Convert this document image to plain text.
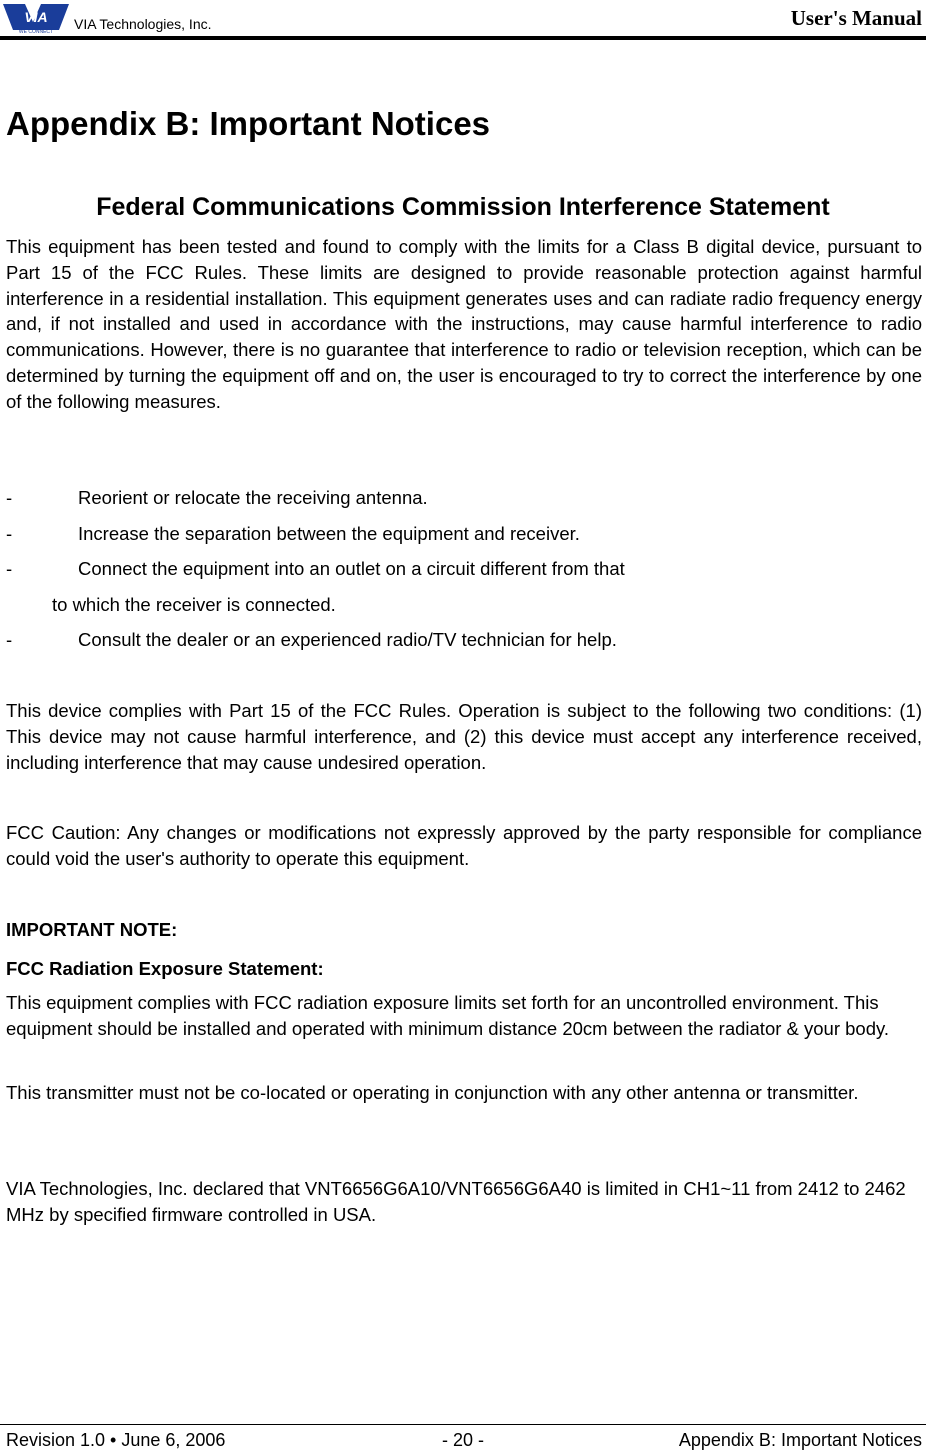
VIA
WE CONNECT VIA Technologies, Inc.	User's Manual
Appendix B: Important Notices
Federal Communications Commission Interference Statement

This equipment has been tested and found to comply with the limits for a Class B digital device, pursuant to Part 15 of the FCC Rules. These limits are designed to provide reasonable protection against harmful interference in a residential installation. This equipment generates uses and can radiate radio frequency energy and, if not installed and used in accordance with the instructions, may cause harmful interference to radio communications. However, there is no guarantee that interference to radio or television reception, which can be determined by turning the equipment off and on, the user is encouraged to try to correct the interference by one of the following measures.

-	Reorient or relocate the receiving antenna.
-	Increase the separation between the equipment and receiver.
-	Connect the equipment into an outlet on a circuit different from that
to which the receiver is connected.
-	Consult the dealer or an experienced radio/TV technician for help.

This device complies with Part 15 of the FCC Rules. Operation is subject to the following two conditions: (1) This device may not cause harmful interference, and (2) this device must accept any interference received, including interference that may cause undesired operation.

FCC Caution: Any changes or modifications not expressly approved by the party responsible for compliance could void the user's authority to operate this equipment.

IMPORTANT NOTE:
FCC Radiation Exposure Statement:

This equipment complies with FCC radiation exposure limits set forth for an uncontrolled environment. This equipment should be installed and operated with minimum distance 20cm between the radiator & your body.

This transmitter must not be co-located or operating in conjunction with any other antenna or transmitter.

VIA Technologies, Inc. declared that VNT6656G6A10/VNT6656G6A40 is limited in CH1~11 from 2412 to 2462 MHz by specified firmware controlled in USA.

Revision 1.0 • June 6, 2006	- 20 -	Appendix B: Important Notices
